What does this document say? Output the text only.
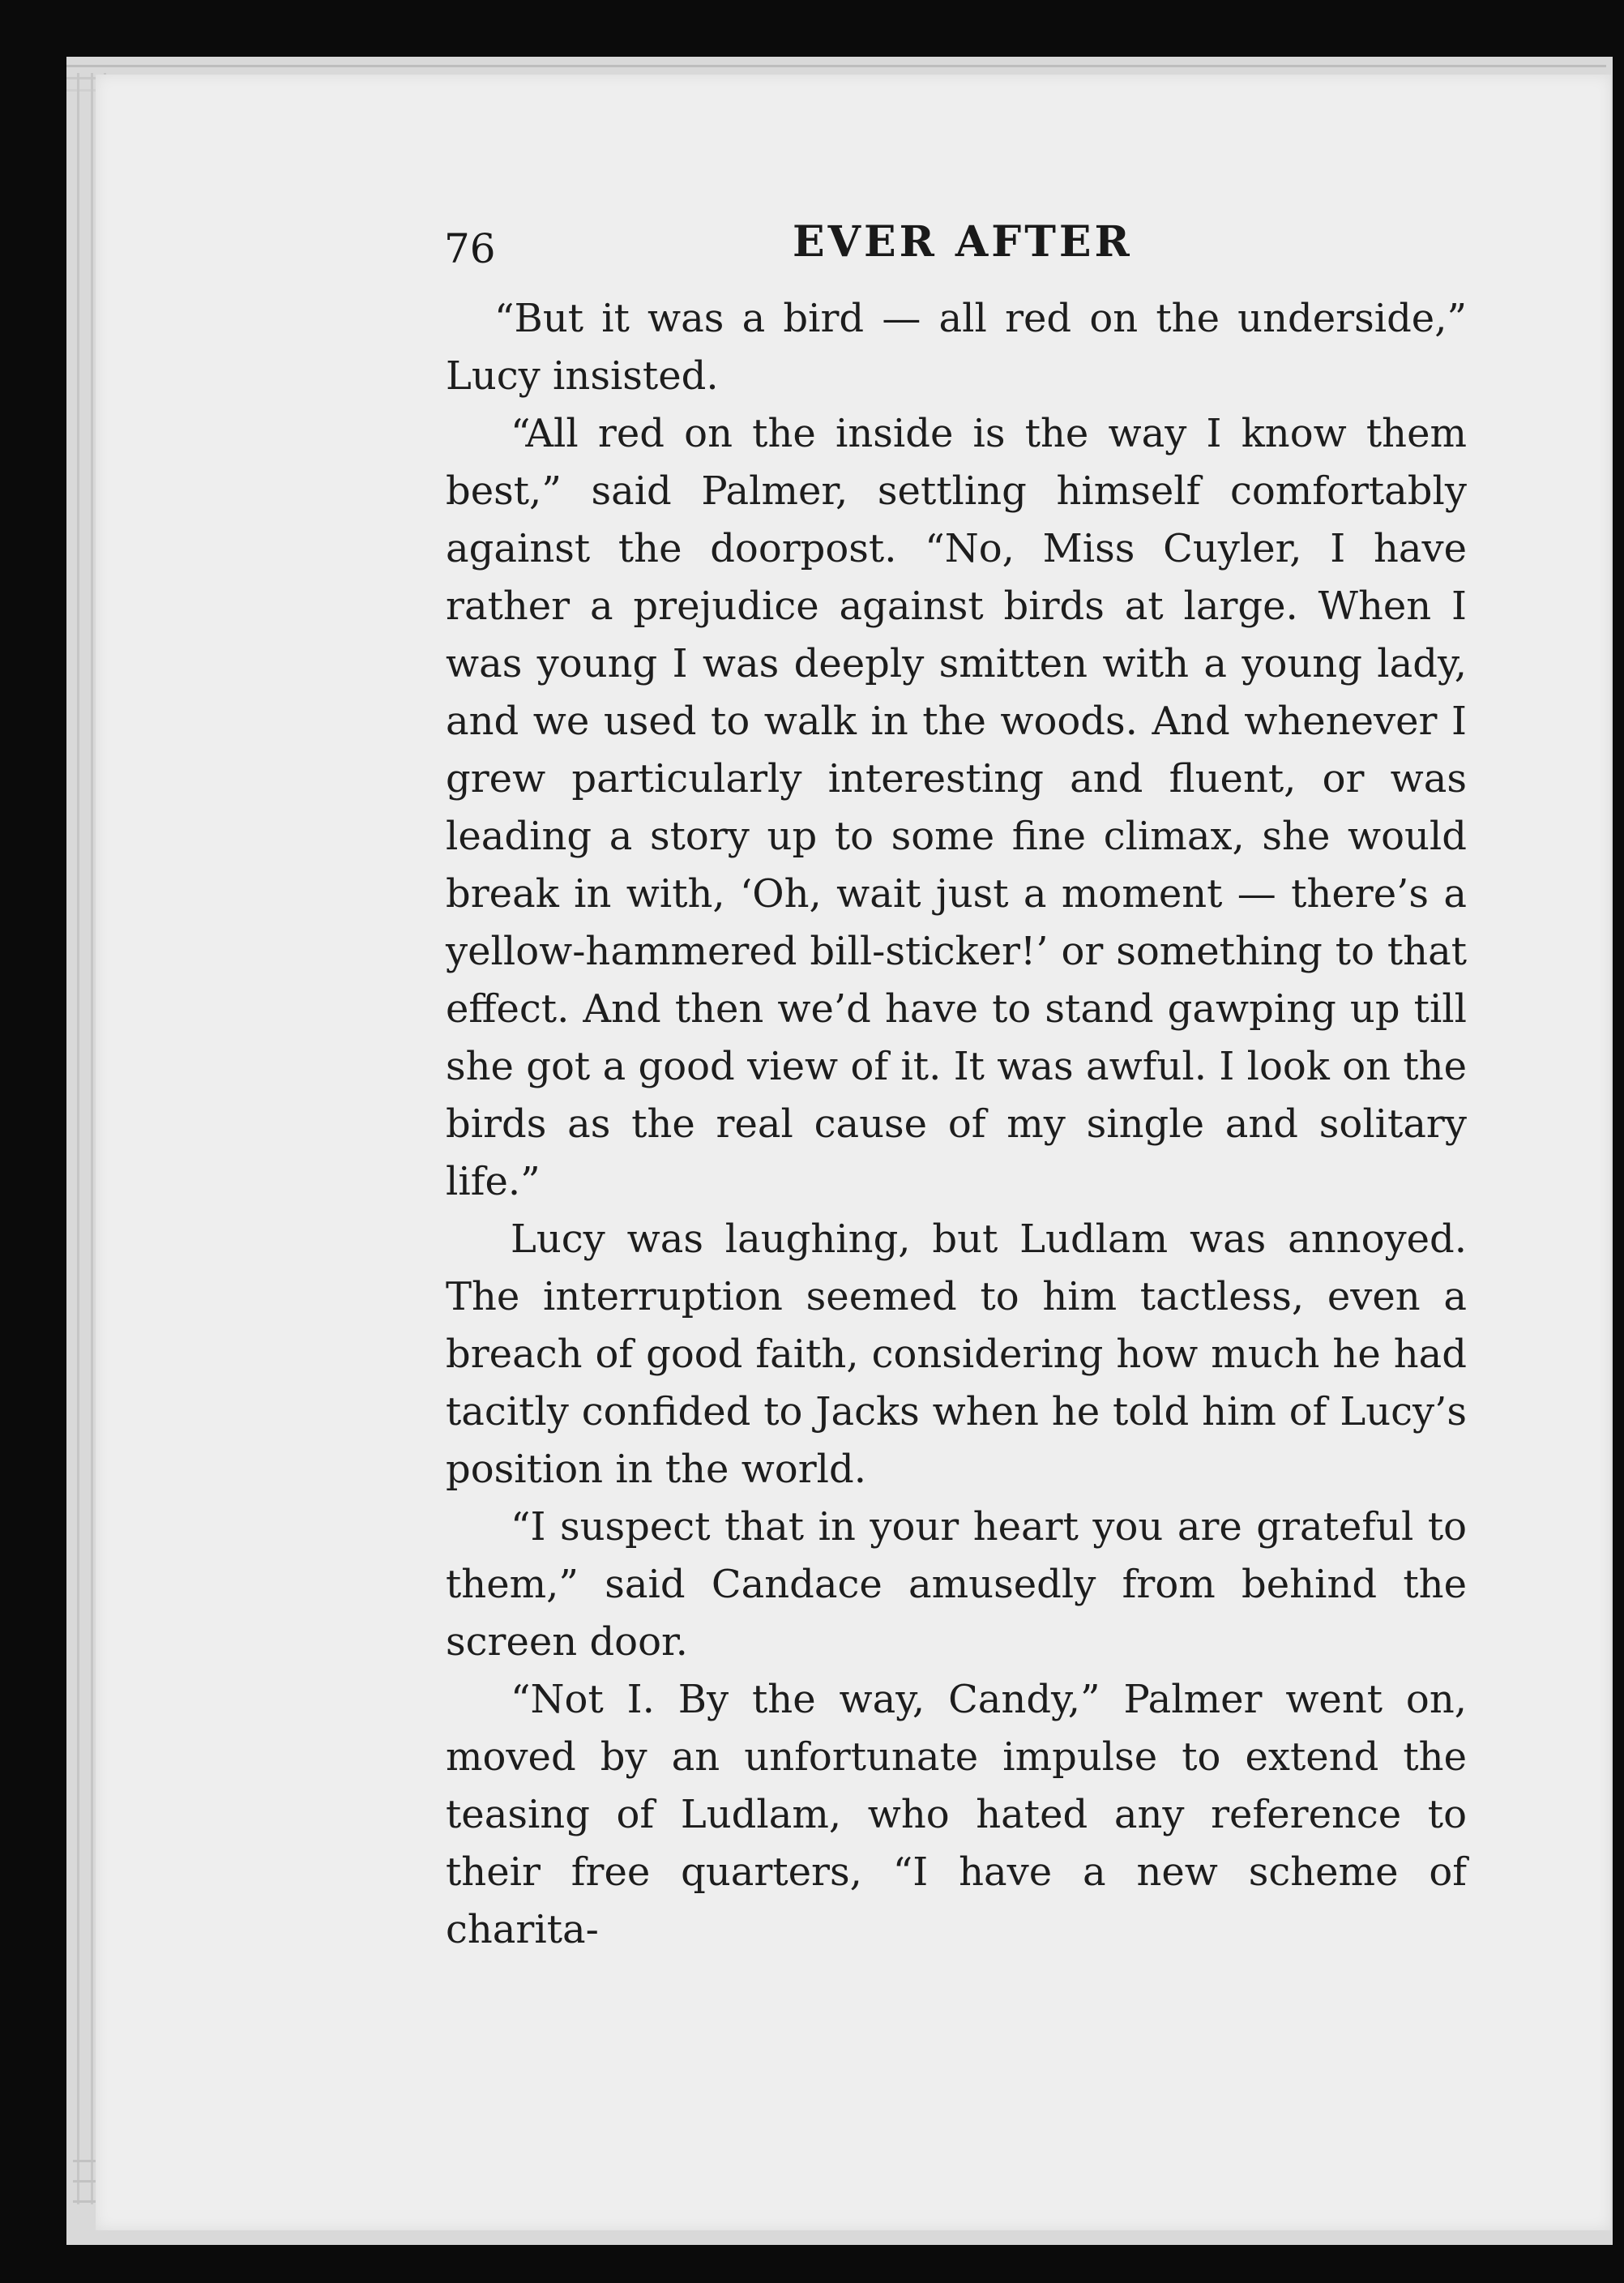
76	EVER AFTER

“But it was a bird — all red on the underside,” Lucy insisted.

“All red on the inside is the way I know them best,” said Palmer, settling himself comfortably against the doorpost. “No, Miss Cuyler, I have rather a prejudice against birds at large. When I was young I was deeply smitten with a young lady, and we used to walk in the woods. And whenever I grew particularly interesting and fluent, or was leading a story up to some fine climax, she would break in with, ‘Oh, wait just a moment — there’s a yellow-hammered bill-sticker!’ or something to that effect. And then we’d have to stand gawping up till she got a good view of it. It was awful. I look on the birds as the real cause of my single and solitary life.”

Lucy was laughing, but Ludlam was annoyed. The interruption seemed to him tactless, even a breach of good faith, considering how much he had tacitly confided to Jacks when he told him of Lucy’s position in the world.

“I suspect that in your heart you are grateful to them,” said Candace amusedly from behind the screen door.

“Not I. By the way, Candy,” Palmer went on, moved by an unfortunate impulse to extend the teasing of Ludlam, who hated any reference to their free quarters, “I have a new scheme of charita-
